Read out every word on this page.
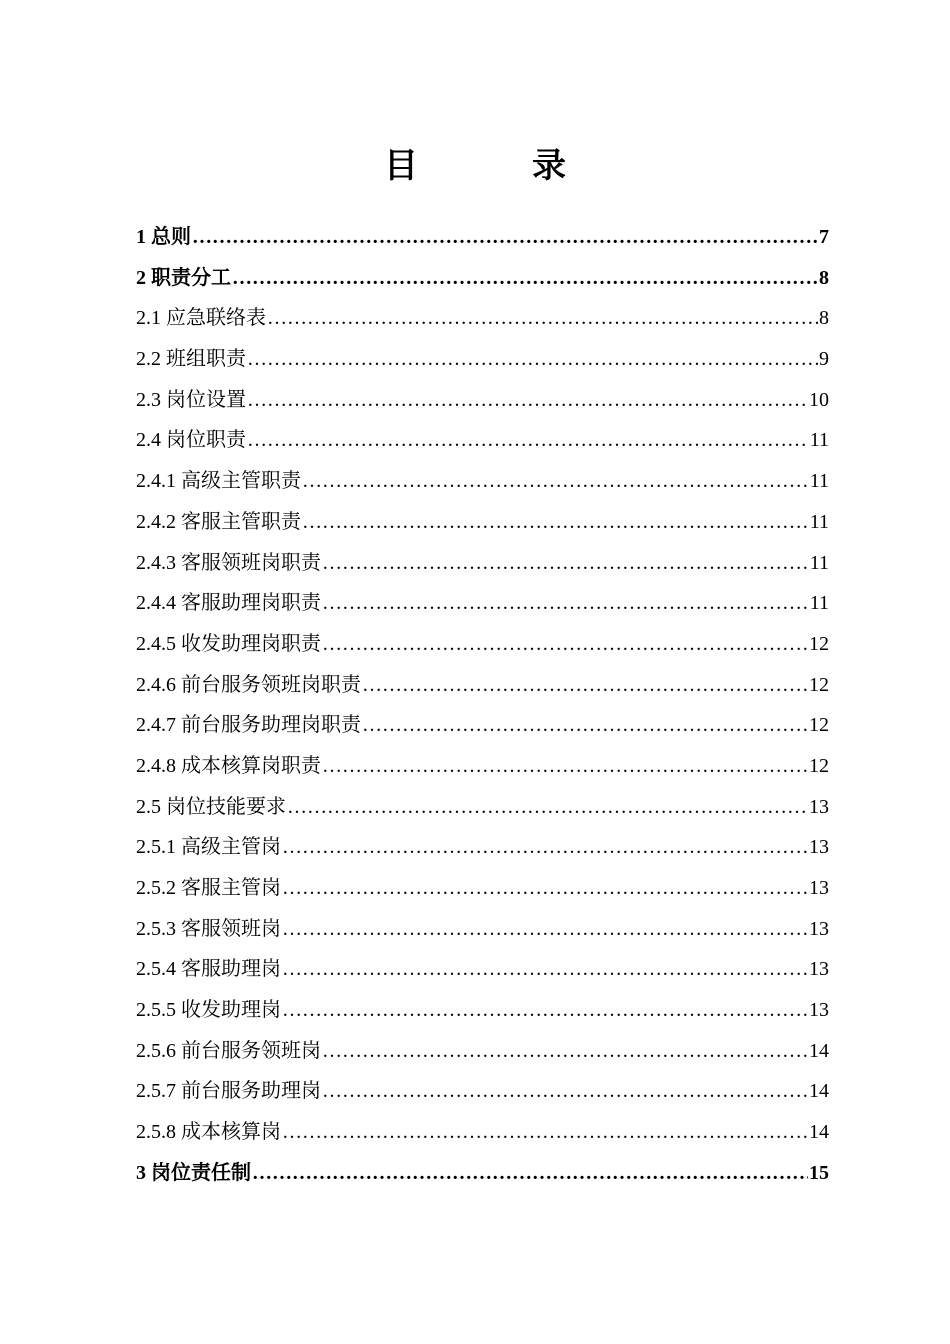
目　录
1 总则 ……………………………………………………………………………………………………………………………………………………………………………………	7
2 职责分工 ……………………………………………………………………………………………………………………………………………………………………………………	8
2.1 应急联络表 ……………………………………………………………………………………………………………………………………………………………………………………	8
2.2 班组职责 ……………………………………………………………………………………………………………………………………………………………………………………	9
2.3 岗位设置 ……………………………………………………………………………………………………………………………………………………………………………………	10
2.4 岗位职责 ……………………………………………………………………………………………………………………………………………………………………………………	11
2.4.1 高级主管职责 ……………………………………………………………………………………………………………………………………………………………………………………	11
2.4.2 客服主管职责 ……………………………………………………………………………………………………………………………………………………………………………………	11
2.4.3 客服领班岗职责 ……………………………………………………………………………………………………………………………………………………………………………………	11
2.4.4 客服助理岗职责 ……………………………………………………………………………………………………………………………………………………………………………………	11
2.4.5 收发助理岗职责 ……………………………………………………………………………………………………………………………………………………………………………………	12
2.4.6 前台服务领班岗职责 ……………………………………………………………………………………………………………………………………………………………………………………	12
2.4.7 前台服务助理岗职责 ……………………………………………………………………………………………………………………………………………………………………………………	12
2.4.8 成本核算岗职责 ……………………………………………………………………………………………………………………………………………………………………………………	12
2.5 岗位技能要求 ……………………………………………………………………………………………………………………………………………………………………………………	13
2.5.1 高级主管岗 ……………………………………………………………………………………………………………………………………………………………………………………	13
2.5.2 客服主管岗 ……………………………………………………………………………………………………………………………………………………………………………………	13
2.5.3 客服领班岗 ……………………………………………………………………………………………………………………………………………………………………………………	13
2.5.4 客服助理岗 ……………………………………………………………………………………………………………………………………………………………………………………	13
2.5.5 收发助理岗 ……………………………………………………………………………………………………………………………………………………………………………………	13
2.5.6 前台服务领班岗 ……………………………………………………………………………………………………………………………………………………………………………………	14
2.5.7 前台服务助理岗 ……………………………………………………………………………………………………………………………………………………………………………………	14
2.5.8 成本核算岗 ……………………………………………………………………………………………………………………………………………………………………………………	14
3 岗位责任制 ……………………………………………………………………………………………………………………………………………………………………………………	15
